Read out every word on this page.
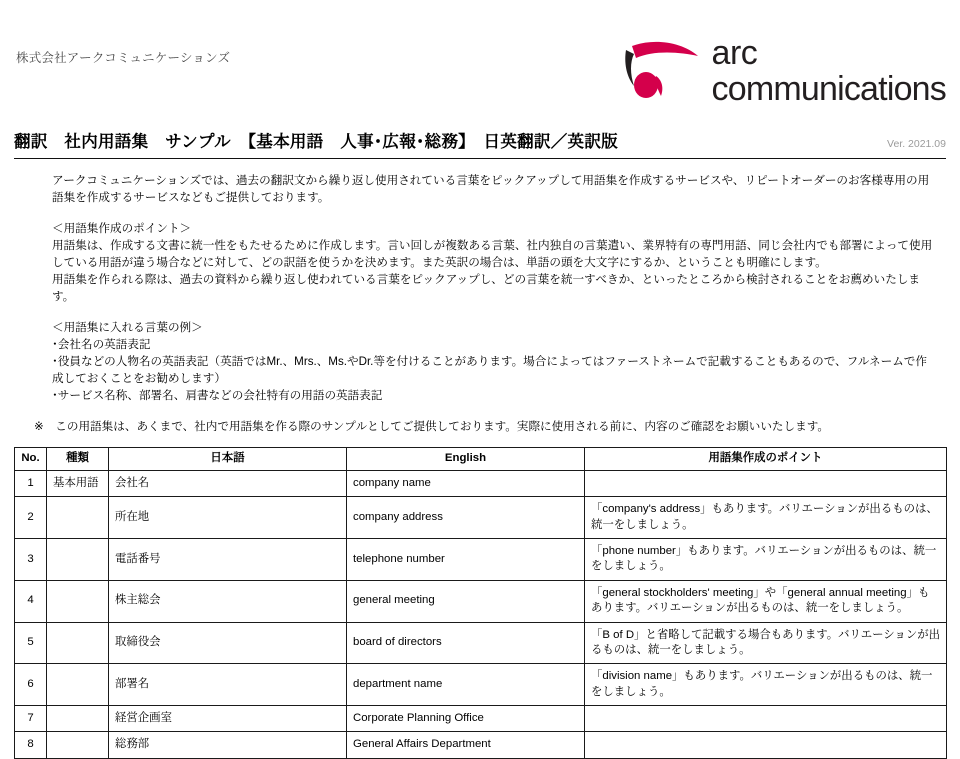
株式会社アークコミュニケーションズ	arc
communications
翻訳　社内用語集　サンプル　【基本用語　人事･広報･総務】　日英翻訳／英訳版	Ver. 2021.09
アークコミュニケーションズでは、過去の翻訳文から繰り返し使用されている言葉をピックアップして用語集を作成するサービスや、リピートオーダーのお客様専用の用語集を作成するサービスなどもご提供しております。
＜用語集作成のポイント＞

用語集は、作成する文書に統一性をもたせるために作成します。言い回しが複数ある言葉、社内独自の言葉遣い、業界特有の専門用語、同じ会社内でも部署によって使用している用語が違う場合などに対して、どの訳語を使うかを決めます。また英訳の場合は、単語の頭を大文字にするか、ということも明確にします。

用語集を作られる際は、過去の資料から繰り返し使われている言葉をピックアップし、どの言葉を統一すべきか、といったところから検討されることをお薦めいたします。

＜用語集に入れる言葉の例＞

･会社名の英語表記

･役員などの人物名の英語表記（英語ではMr.、Mrs.、Ms.やDr.等を付けることがあります。場合によってはファーストネームで記載することもあるので、フルネームで作成しておくことをお勧めします）

･サービス名称、部署名、肩書などの会社特有の用語の英語表記

※　この用語集は、あくまで、社内で用語集を作る際のサンプルとしてご提供しております。実際に使用される前に、内容のご確認をお願いいたします。
No.	種類	日本語	English	用語集作成のポイント
1	基本用語	会社名	company name	
2		所在地	company address	「company's address」もあります。バリエーションが出るものは、統一をしましょう。
3		電話番号	telephone number	「phone number」もあります。バリエーションが出るものは、統一をしましょう。
4		株主総会	general meeting	「general stockholders' meeting」や「general annual meeting」もあります。バリエーションが出るものは、統一をしましょう。
5		取締役会	board of directors	「B of D」と省略して記載する場合もあります。バリエーションが出るものは、統一をしましょう。
6		部署名	department name	「division name」もあります。バリエーションが出るものは、統一をしましょう。
7		経営企画室	Corporate Planning Office	
8		総務部	General Affairs Department	
